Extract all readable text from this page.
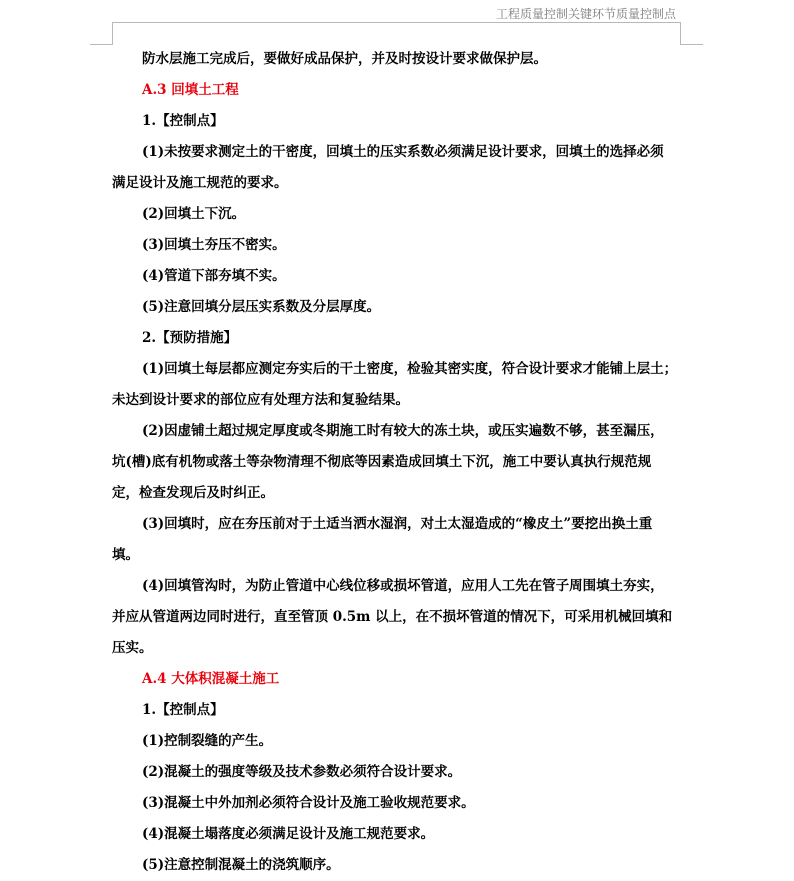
工程质量控制关键环节质量控制点
防水层施工完成后，要做好成品保护，并及时按设计要求做保护层。
A.3 回填土工程
1.【控制点】
(1)未按要求测定土的干密度，回填土的压实系数必须满足设计要求，回填土的选择必须
满足设计及施工规范的要求。
(2)回填土下沉。
(3)回填土夯压不密实。
(4)管道下部夯填不实。
(5)注意回填分层压实系数及分层厚度。
2.【预防措施】
(1)回填土每层都应测定夯实后的干土密度，检验其密实度，符合设计要求才能铺上层土；
未达到设计要求的部位应有处理方法和复验结果。
(2)因虚铺土超过规定厚度或冬期施工时有较大的冻土块，或压实遍数不够，甚至漏压，
坑(槽)底有机物或落土等杂物清理不彻底等因素造成回填土下沉，施工中要认真执行规范规
定，检查发现后及时纠正。
(3)回填时，应在夯压前对于土适当洒水湿润，对土太湿造成的“橡皮土”要挖出换土重
填。
(4)回填管沟时，为防止管道中心线位移或损坏管道，应用人工先在管子周围填土夯实，
并应从管道两边同时进行，直至管顶 0.5m 以上，在不损坏管道的情况下，可采用机械回填和
压实。
A.4 大体积混凝土施工
1.【控制点】
(1)控制裂缝的产生。
(2)混凝土的强度等级及技术参数必须符合设计要求。
(3)混凝土中外加剂必须符合设计及施工验收规范要求。
(4)混凝土塌落度必须满足设计及施工规范要求。
(5)注意控制混凝土的浇筑顺序。
